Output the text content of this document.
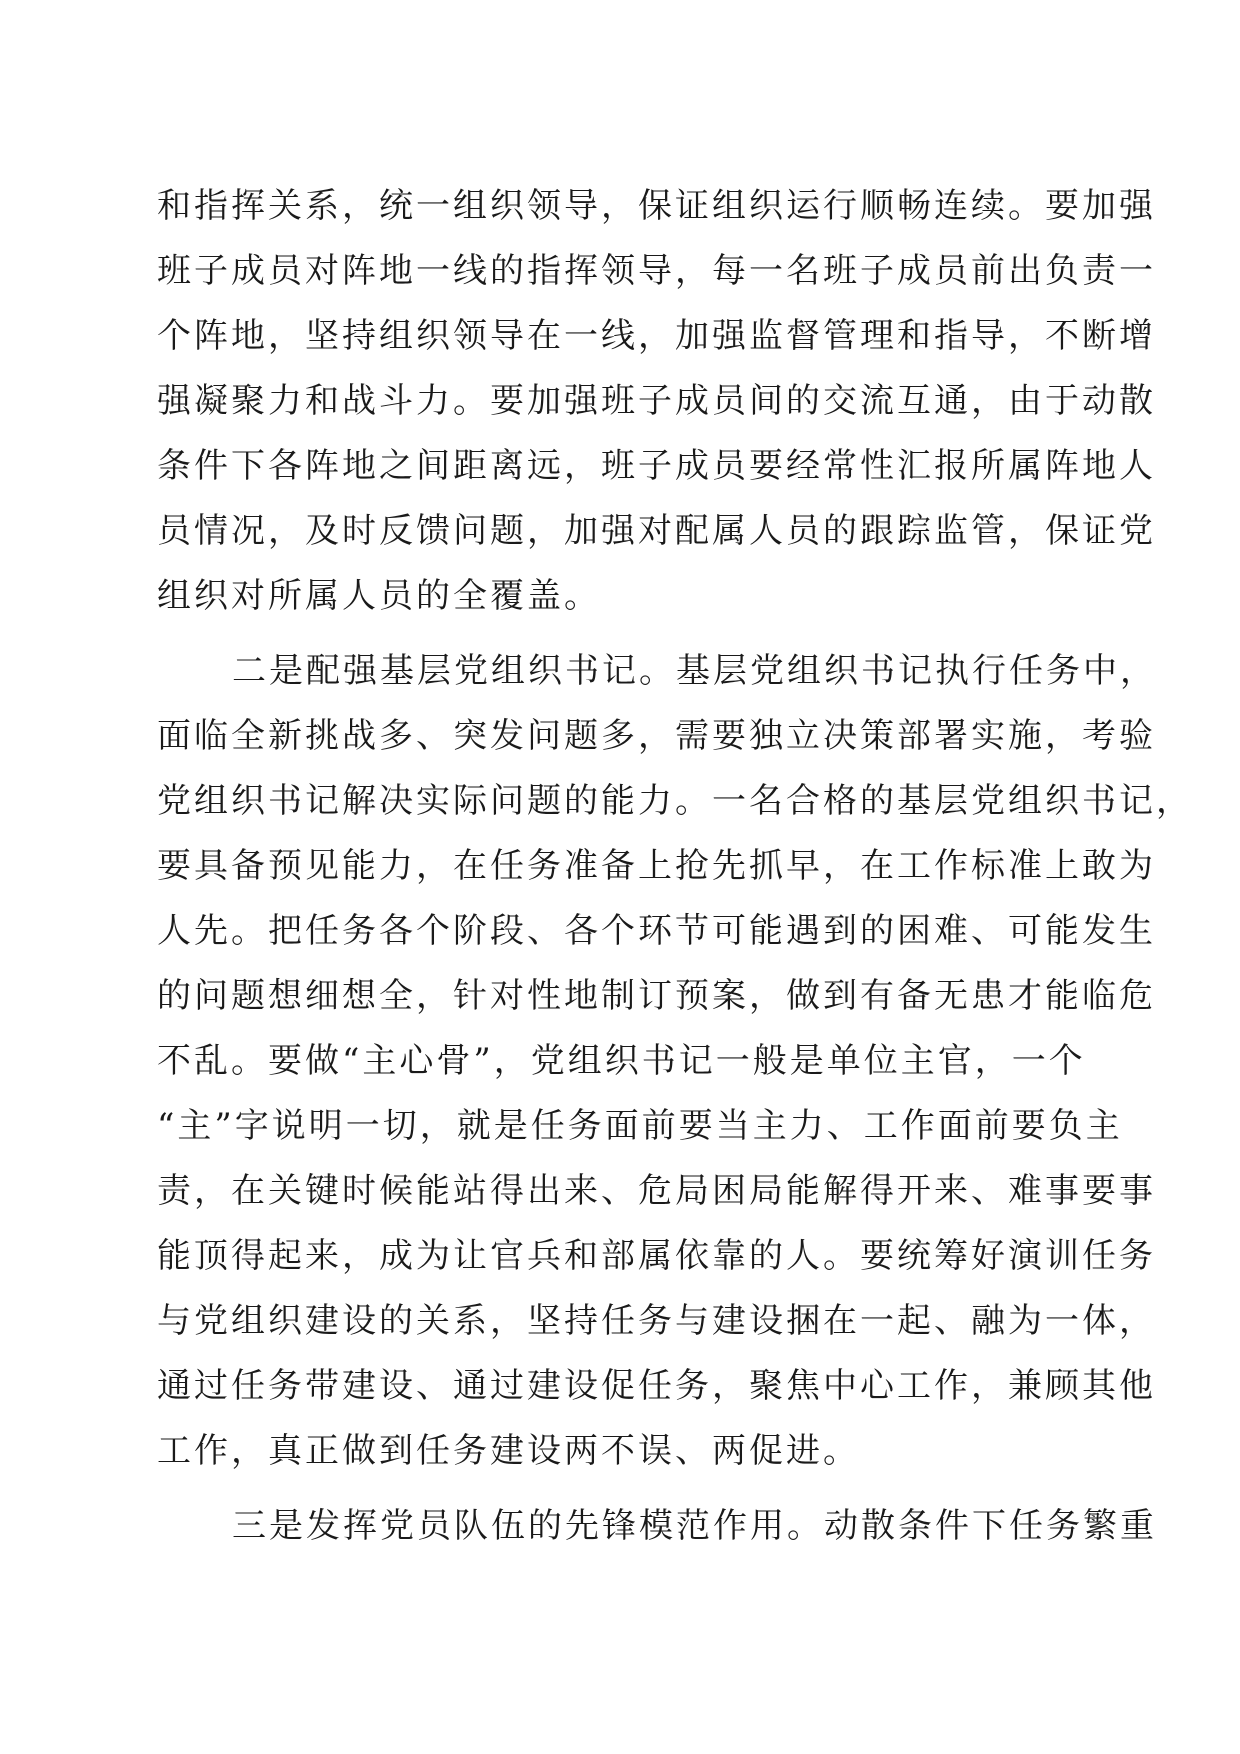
和指挥关系，统一组织领导，保证组织运行顺畅连续。要加强
班子成员对阵地一线的指挥领导，每一名班子成员前出负责一
个阵地，坚持组织领导在一线，加强监督管理和指导，不断增
强凝聚力和战斗力。要加强班子成员间的交流互通，由于动散
条件下各阵地之间距离远，班子成员要经常性汇报所属阵地人
员情况，及时反馈问题，加强对配属人员的跟踪监管，保证党
组织对所属人员的全覆盖。
二是配强基层党组织书记。基层党组织书记执行任务中，
面临全新挑战多、突发问题多，需要独立决策部署实施，考验
党组织书记解决实际问题的能力。一名合格的基层党组织书记，
要具备预见能力，在任务准备上抢先抓早，在工作标准上敢为
人先。把任务各个阶段、各个环节可能遇到的困难、可能发生
的问题想细想全，针对性地制订预案，做到有备无患才能临危
不乱。要做“主心骨”，党组织书记一般是单位主官，一个
“主”字说明一切，就是任务面前要当主力、工作面前要负主
责，在关键时候能站得出来、危局困局能解得开来、难事要事
能顶得起来，成为让官兵和部属依靠的人。要统筹好演训任务
与党组织建设的关系，坚持任务与建设捆在一起、融为一体，
通过任务带建设、通过建设促任务，聚焦中心工作，兼顾其他
工作，真正做到任务建设两不误、两促进。
三是发挥党员队伍的先锋模范作用。动散条件下任务繁重
